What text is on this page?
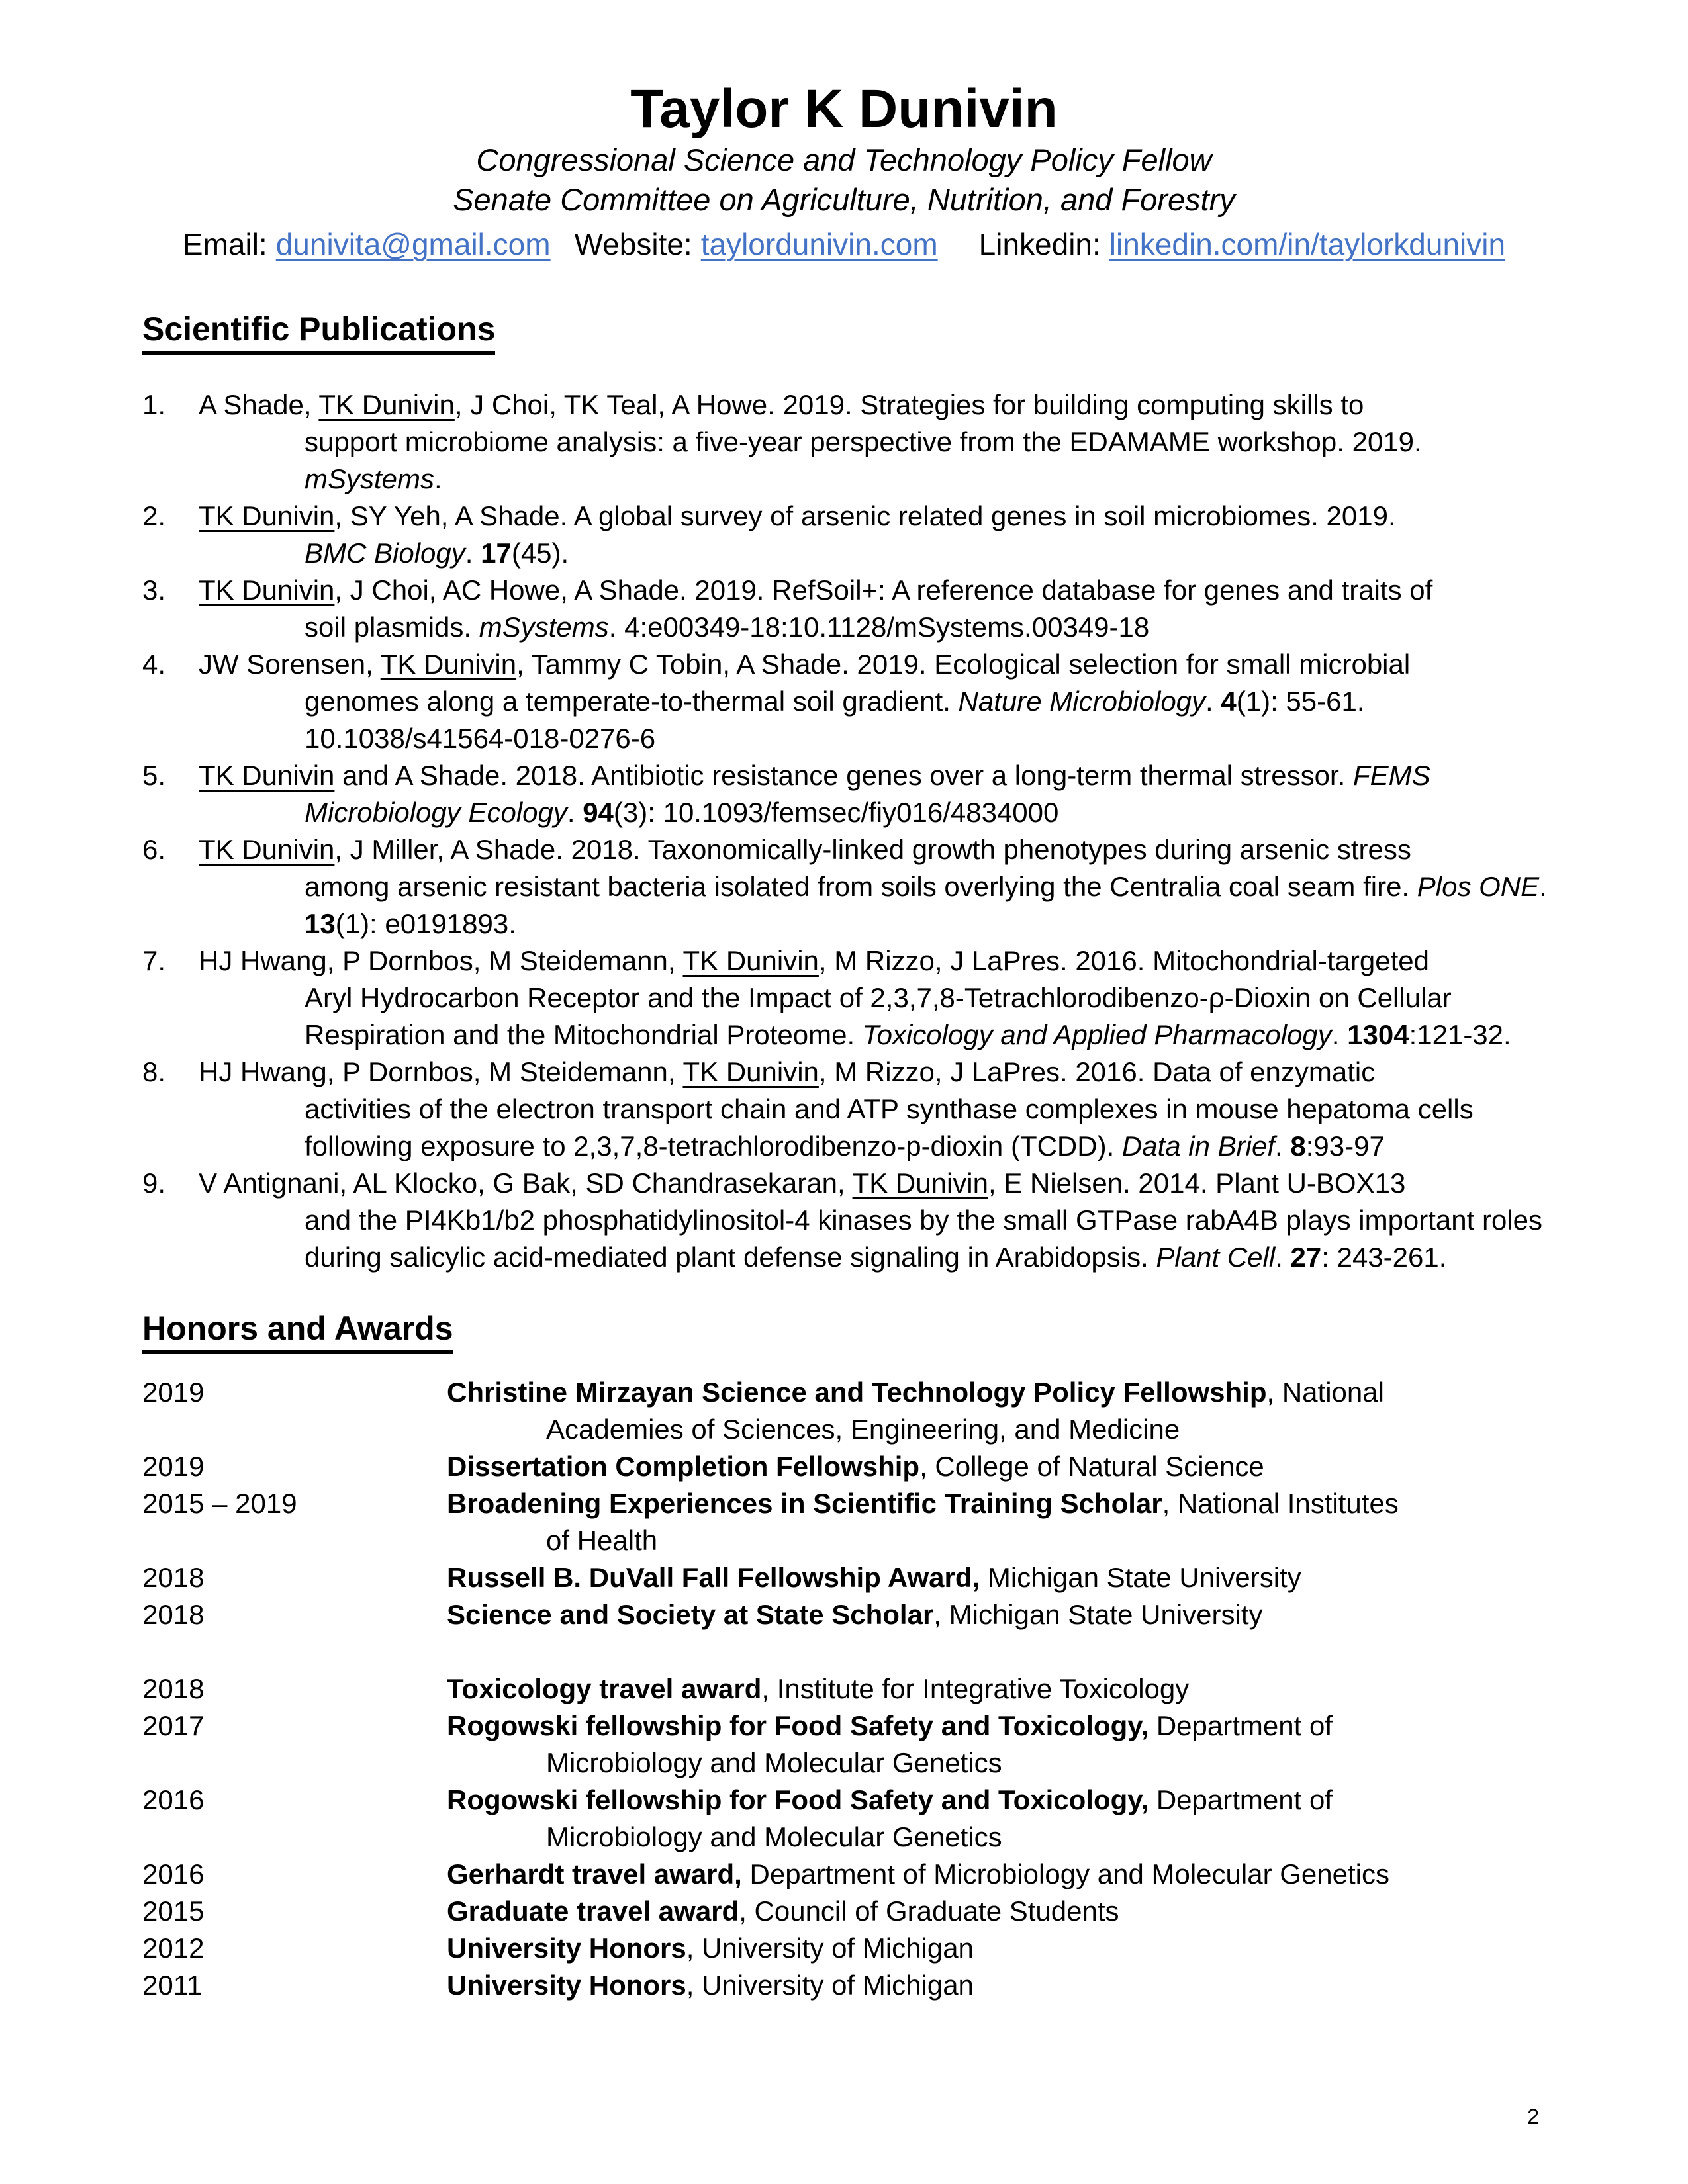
Taylor K Dunivin
Congressional Science and Technology Policy Fellow
Senate Committee on Agriculture, Nutrition, and Forestry
Email: dunivita@gmail.com Website: taylordunivin.com Linkedin: linkedin.com/in/taylorkdunivin
Scientific Publications
1. A Shade, TK Dunivin, J Choi, TK Teal, A Howe. 2019. Strategies for building computing skills to
support microbiome analysis: a five-year perspective from the EDAMAME workshop. 2019.
mSystems.
2. TK Dunivin, SY Yeh, A Shade. A global survey of arsenic related genes in soil microbiomes. 2019.
BMC Biology. 17(45).
3. TK Dunivin, J Choi, AC Howe, A Shade. 2019. RefSoil+: A reference database for genes and traits of
soil plasmids. mSystems. 4:e00349-18:10.1128/mSystems.00349-18
4. JW Sorensen, TK Dunivin, Tammy C Tobin, A Shade. 2019. Ecological selection for small microbial
genomes along a temperate-to-thermal soil gradient. Nature Microbiology. 4(1): 55-61.
10.1038/s41564-018-0276-6
5. TK Dunivin and A Shade. 2018. Antibiotic resistance genes over a long-term thermal stressor. FEMS
Microbiology Ecology. 94(3): 10.1093/femsec/fiy016/4834000
6. TK Dunivin, J Miller, A Shade. 2018. Taxonomically-linked growth phenotypes during arsenic stress
among arsenic resistant bacteria isolated from soils overlying the Centralia coal seam fire. Plos ONE.
13(1): e0191893.
7. HJ Hwang, P Dornbos, M Steidemann, TK Dunivin, M Rizzo, J LaPres. 2016. Mitochondrial-targeted
Aryl Hydrocarbon Receptor and the Impact of 2,3,7,8-Tetrachlorodibenzo-ρ-Dioxin on Cellular
Respiration and the Mitochondrial Proteome. Toxicology and Applied Pharmacology. 1304:121-32.
8. HJ Hwang, P Dornbos, M Steidemann, TK Dunivin, M Rizzo, J LaPres. 2016. Data of enzymatic
activities of the electron transport chain and ATP synthase complexes in mouse hepatoma cells
following exposure to 2,3,7,8-tetrachlorodibenzo-p-dioxin (TCDD). Data in Brief. 8:93-97
9. V Antignani, AL Klocko, G Bak, SD Chandrasekaran, TK Dunivin, E Nielsen. 2014. Plant U-BOX13
and the PI4Kb1/b2 phosphatidylinositol-4 kinases by the small GTPase rabA4B plays important roles
during salicylic acid-mediated plant defense signaling in Arabidopsis. Plant Cell. 27: 243-261.
Honors and Awards
2019	Christine Mirzayan Science and Technology Policy Fellowship, National
Academies of Sciences, Engineering, and Medicine
2019	Dissertation Completion Fellowship, College of Natural Science
2015 – 2019	Broadening Experiences in Scientific Training Scholar, National Institutes
of Health
2018	Russell B. DuVall Fall Fellowship Award, Michigan State University
2018	Science and Society at State Scholar, Michigan State University
2018	Toxicology travel award, Institute for Integrative Toxicology
2017	Rogowski fellowship for Food Safety and Toxicology, Department of
Microbiology and Molecular Genetics
2016	Rogowski fellowship for Food Safety and Toxicology, Department of
Microbiology and Molecular Genetics
2016	Gerhardt travel award, Department of Microbiology and Molecular Genetics
2015	Graduate travel award, Council of Graduate Students
2012	University Honors, University of Michigan
2011	University Honors, University of Michigan
2
